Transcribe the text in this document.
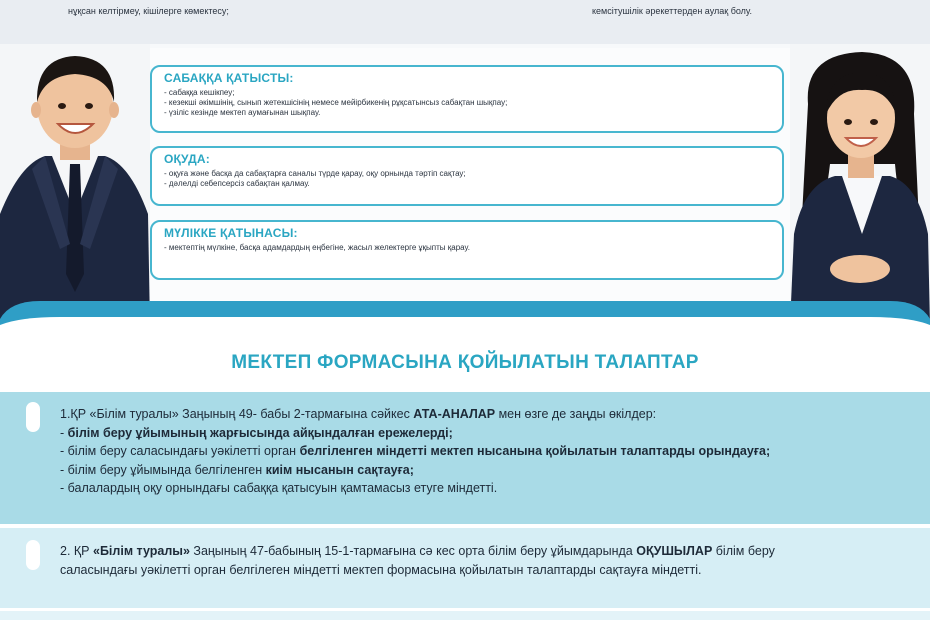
нұқсан келтірмеу, кішілерге көмектесу;	кемсітушілік әрекеттерден аулақ болу.
САБАҚҚА ҚАТЫСТЫ:
- сабаққа кешікпеу;
- кезекші әкімшінің, сынып жетекшісінің немесе мейірбикенің рұқсатынсыз сабақтан шықпау;
- үзіліс кезінде мектеп аумағынан шықпау.
ОҚУДА:
- оқуға және басқа да сабақтарға саналы түрде қарау, оқу орнында тәртіп сақтау;
- дәлелді себепсерсіз сабақтан қалмау.
МҮЛІККЕ ҚАТЫНАСЫ:
- мектептің мүлкіне, басқа адамдардың еңбегіне, жасыл желектерге ұқыпты қарау.
МЕКТЕП ФОРМАСЫНА ҚОЙЫЛАТЫН ТАЛАПТАР
1.ҚР «Білім туралы» Заңының 49- бабы 2-тармағына сәйкес АТА-АНАЛАР мен өзге де заңды өкілдер:
- білім беру ұйымының жарғысында айқындалған ережелерді;
- білім беру саласындағы уәкілетті орган белгіленген міндетті мектеп нысанына қойылатын талаптарды орындауға;
- білім беру ұйымында белгіленген киім нысанын сақтауға;
- балалардың оқу орнындағы сабаққа қатысуын қамтамасыз етуге міндетті.
2. ҚР «Білім туралы» Заңының 47-бабының 15-1-тармағына сә кес орта білім беру ұйымдарында ОҚУШЫЛАР білім беру саласындағы уәкілетті орган белгілеген міндетті мектеп формасына қойылатын талаптарды сақтауға міндетті.
